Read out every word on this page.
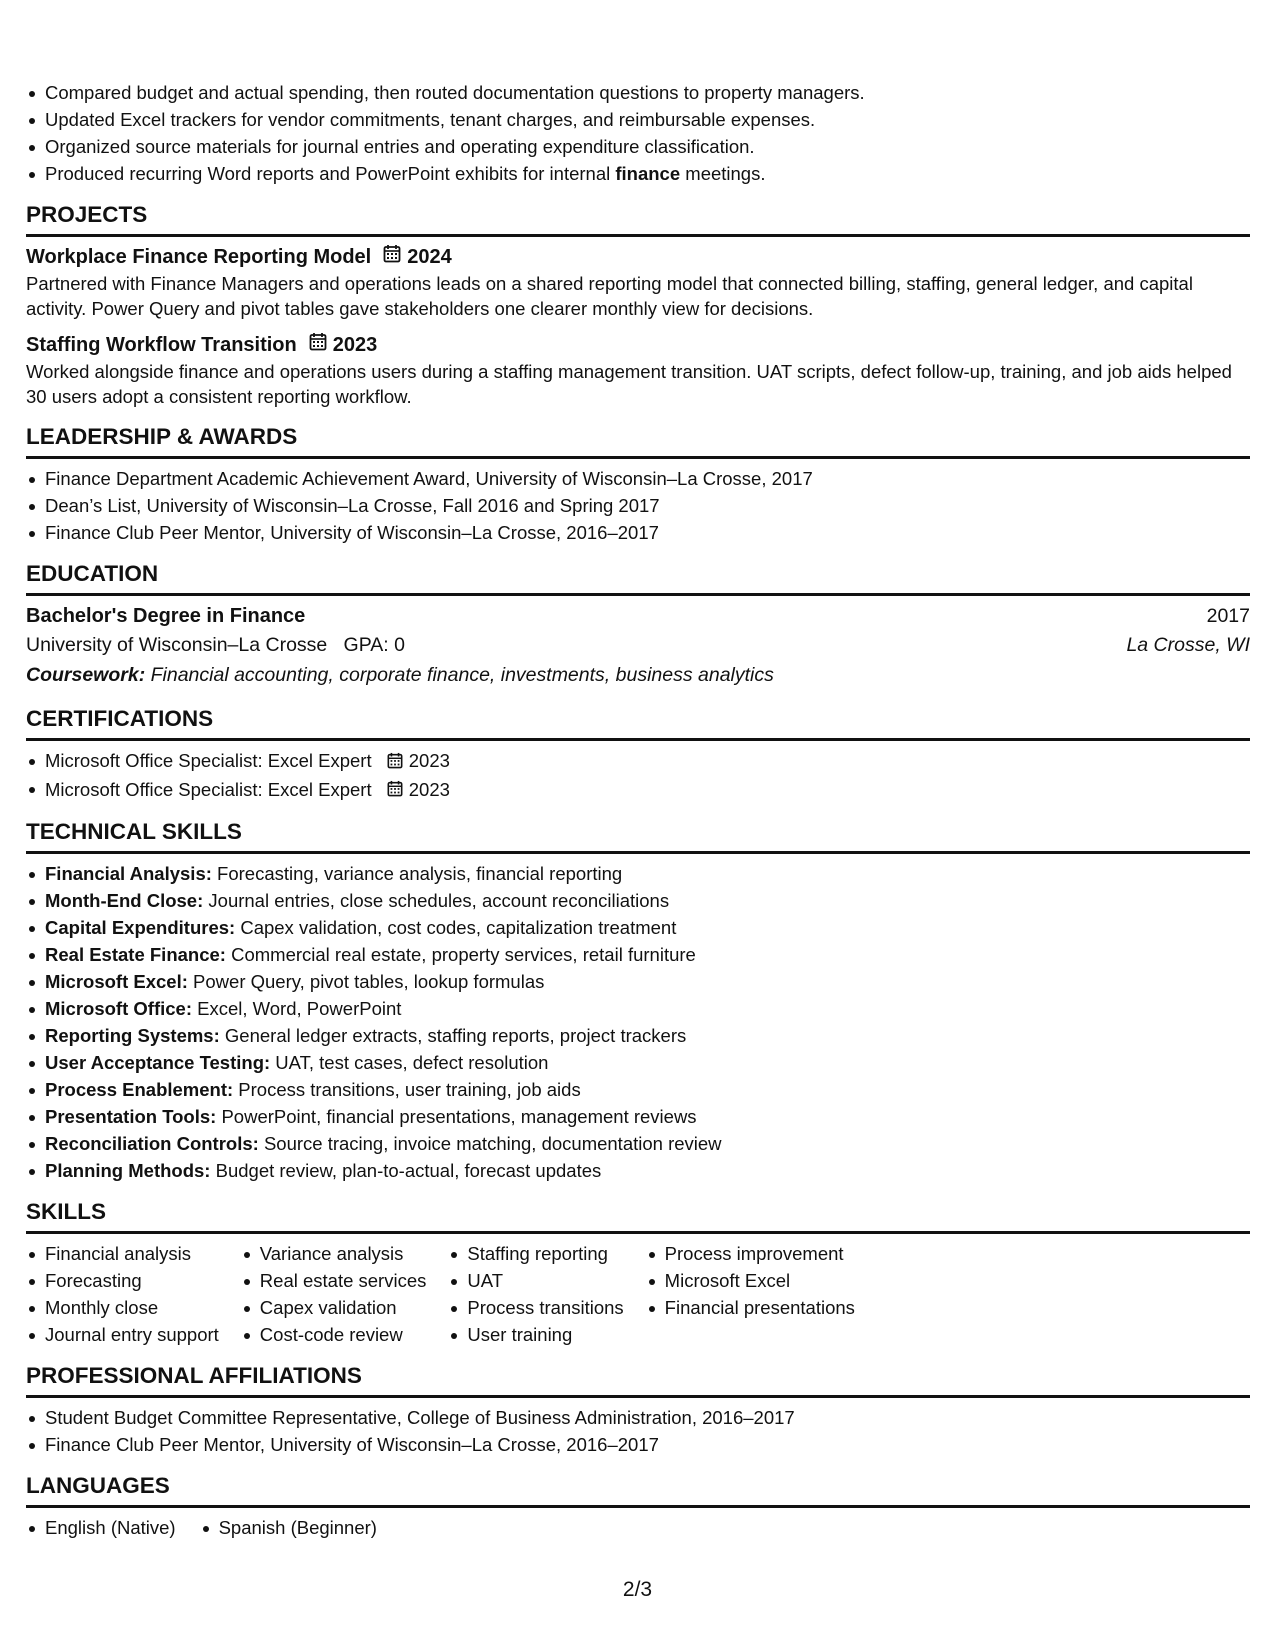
Compared budget and actual spending, then routed documentation questions to property managers.
Updated Excel trackers for vendor commitments, tenant charges, and reimbursable expenses.
Organized source materials for journal entries and operating expenditure classification.
Produced recurring Word reports and PowerPoint exhibits for internal finance meetings.
PROJECTS
Workplace Finance Reporting Model 2024
Partnered with Finance Managers and operations leads on a shared reporting model that connected billing, staffing, general ledger, and capital activity. Power Query and pivot tables gave stakeholders one clearer monthly view for decisions.
Staffing Workflow Transition 2023
Worked alongside finance and operations users during a staffing management transition. UAT scripts, defect follow-up, training, and job aids helped 30 users adopt a consistent reporting workflow.
LEADERSHIP & AWARDS
Finance Department Academic Achievement Award, University of Wisconsin–La Crosse, 2017
Dean’s List, University of Wisconsin–La Crosse, Fall 2016 and Spring 2017
Finance Club Peer Mentor, University of Wisconsin–La Crosse, 2016–2017
EDUCATION
Bachelor's Degree in Finance	2017
University of Wisconsin–La Crosse GPA: 0	La Crosse, WI
Coursework: Financial accounting, corporate finance, investments, business analytics
CERTIFICATIONS
Microsoft Office Specialist: Excel Expert 2023
Microsoft Office Specialist: Excel Expert 2023
TECHNICAL SKILLS
Financial Analysis: Forecasting, variance analysis, financial reporting
Month-End Close: Journal entries, close schedules, account reconciliations
Capital Expenditures: Capex validation, cost codes, capitalization treatment
Real Estate Finance: Commercial real estate, property services, retail furniture
Microsoft Excel: Power Query, pivot tables, lookup formulas
Microsoft Office: Excel, Word, PowerPoint
Reporting Systems: General ledger extracts, staffing reports, project trackers
User Acceptance Testing: UAT, test cases, defect resolution
Process Enablement: Process transitions, user training, job aids
Presentation Tools: PowerPoint, financial presentations, management reviews
Reconciliation Controls: Source tracing, invoice matching, documentation review
Planning Methods: Budget review, plan-to-actual, forecast updates
SKILLS
Financial analysis
Forecasting
Monthly close
Journal entry support
Variance analysis
Real estate services
Capex validation
Cost-code review
Staffing reporting
UAT
Process transitions
User training
Process improvement
Microsoft Excel
Financial presentations
PROFESSIONAL AFFILIATIONS
Student Budget Committee Representative, College of Business Administration, 2016–2017
Finance Club Peer Mentor, University of Wisconsin–La Crosse, 2016–2017
LANGUAGES
English (Native)	Spanish (Beginner)
2/3
